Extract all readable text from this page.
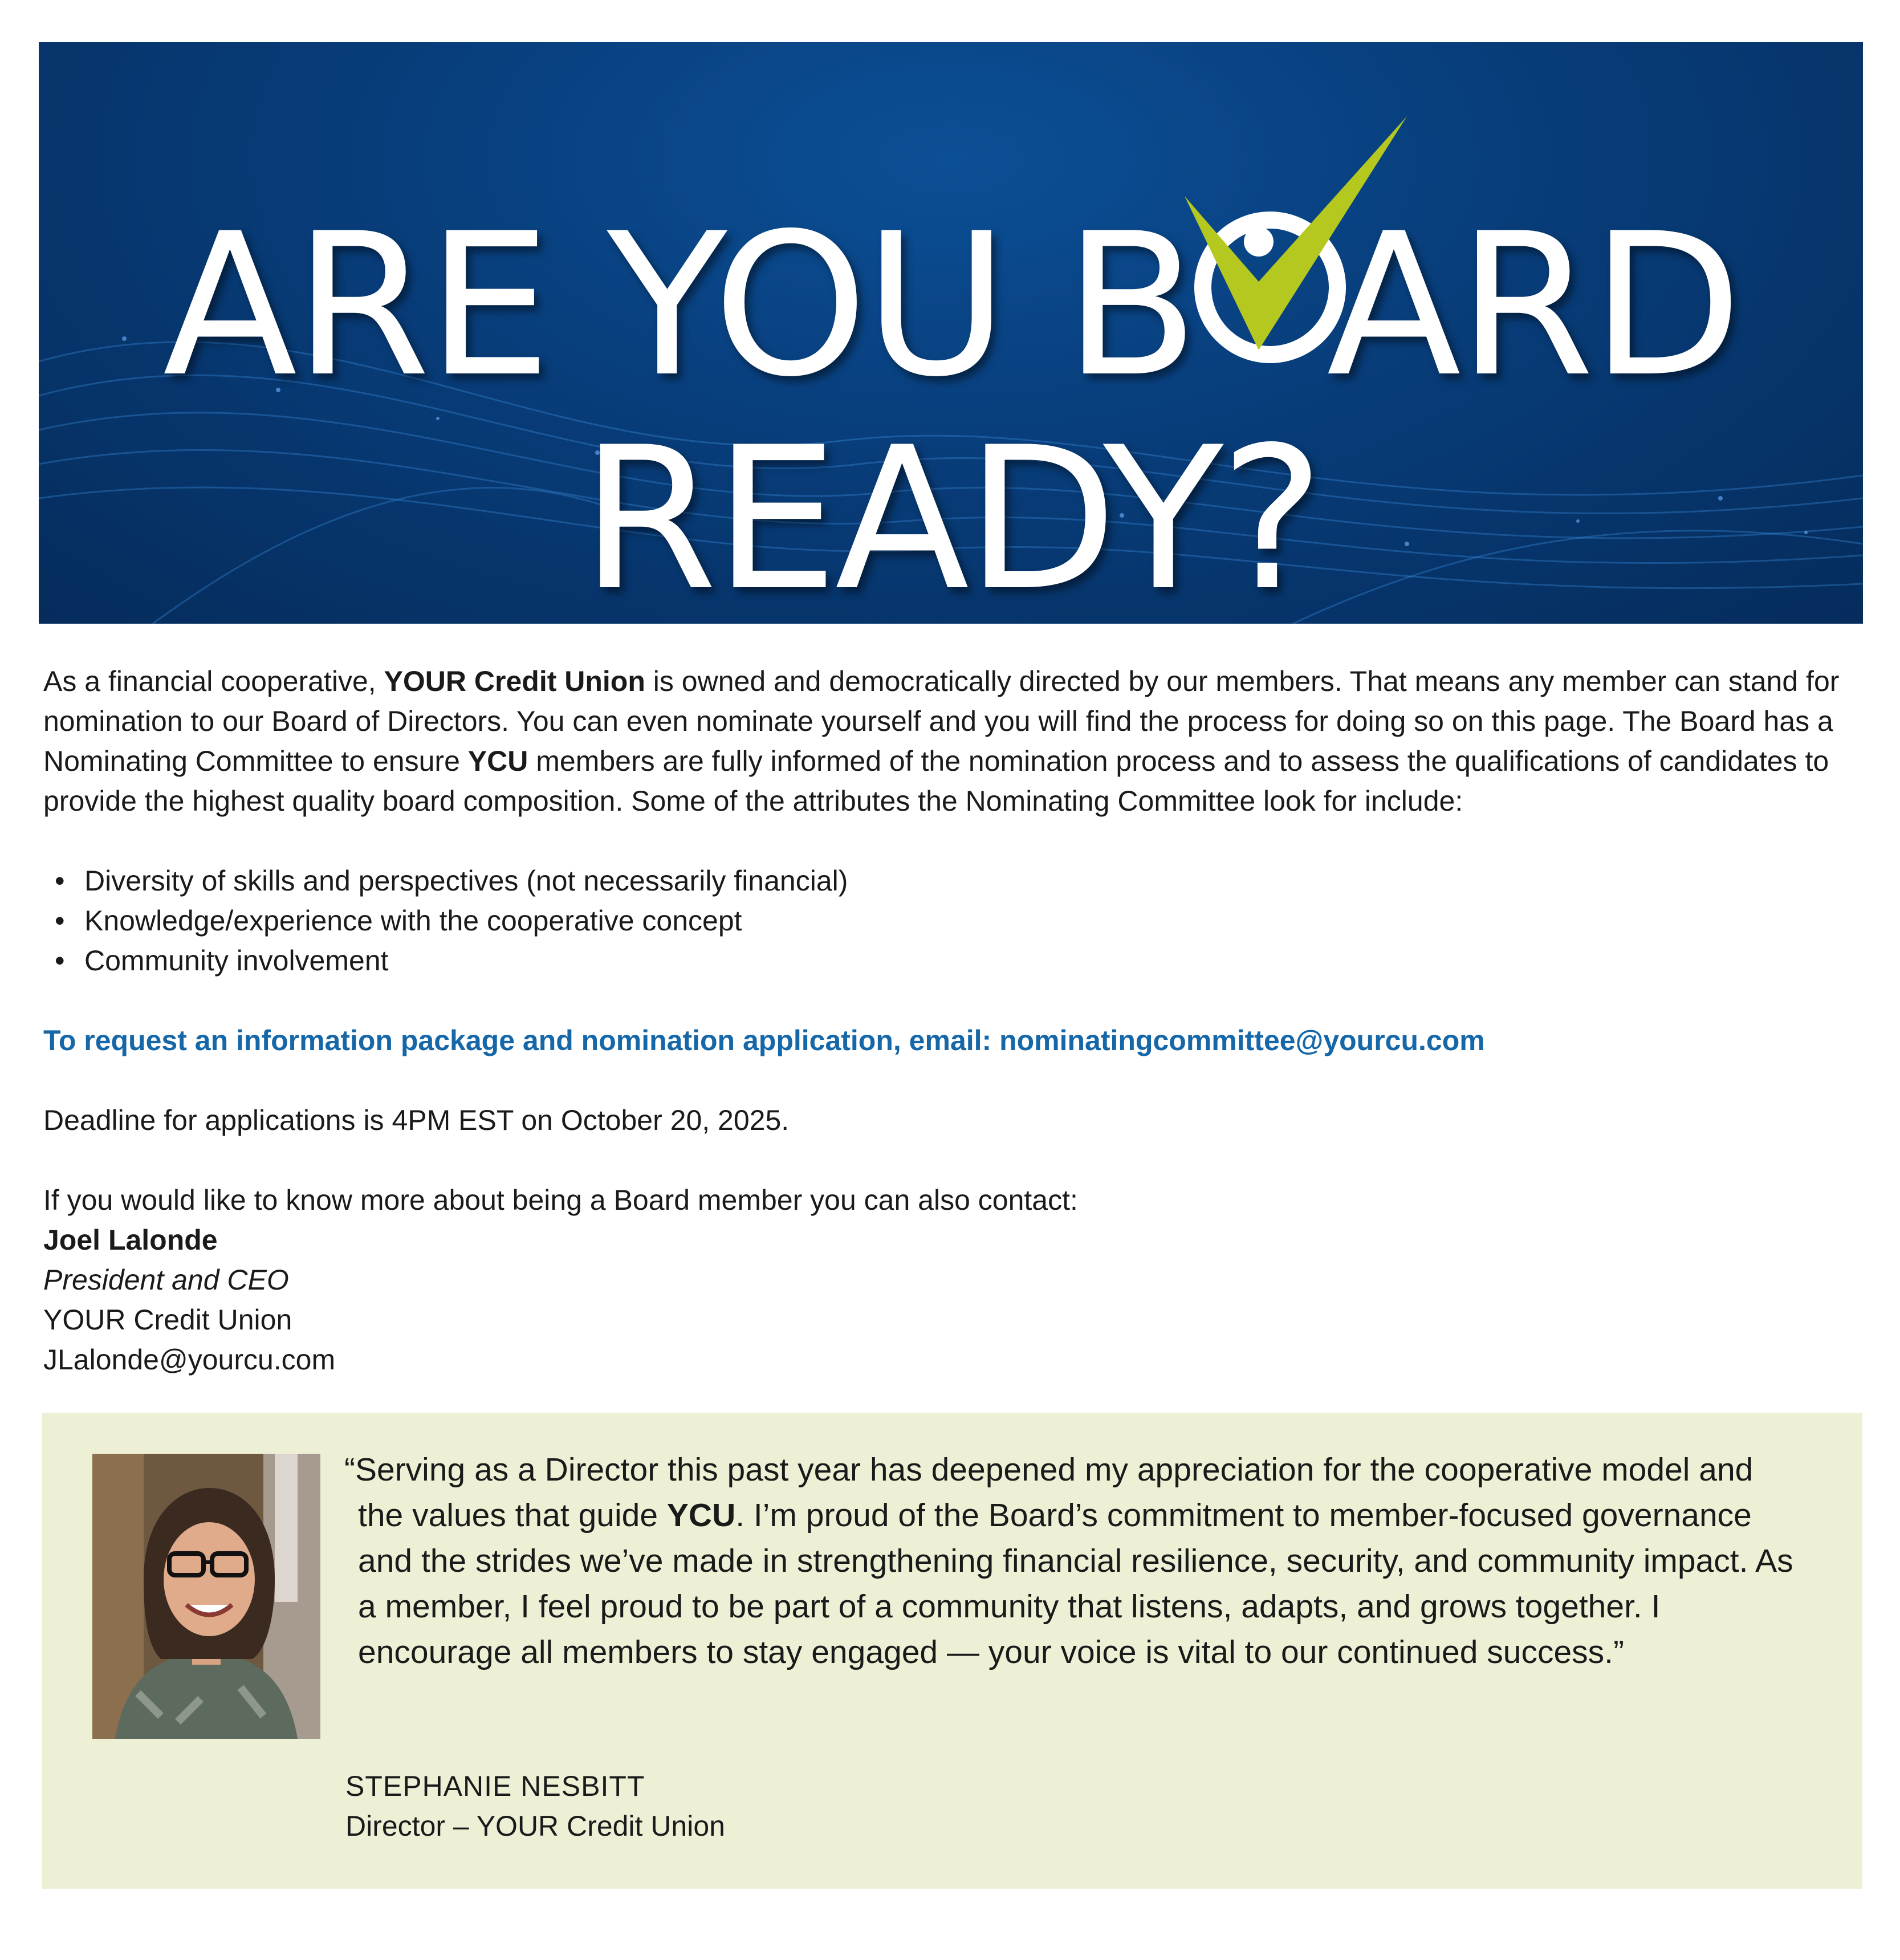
ARE YOU B ARD
READY?
As a financial cooperative, YOUR Credit Union is owned and democratically directed by our members. That means any member can stand for nomination to our Board of Directors. You can even nominate yourself and you will find the process for doing so on this page. The Board has a Nominating Committee to ensure YCU members are fully informed of the nomination process and to assess the qualifications of candidates to provide the highest quality board composition. Some of the attributes the Nominating Committee look for include:
• Diversity of skills and perspectives (not necessarily financial)
• Knowledge/experience with the cooperative concept
• Community involvement
To request an information package and nomination application, email: nominatingcommittee@yourcu.com
Deadline for applications is 4PM EST on October 20, 2025.
If you would like to know more about being a Board member you can also contact:
Joel Lalonde
President and CEO
YOUR Credit Union
JLalonde@yourcu.com
“Serving as a Director this past year has deepened my appreciation for the cooperative model and the values that guide YCU. I’m proud of the Board’s commitment to member-focused governance and the strides we’ve made in strengthening financial resilience, security, and community impact. As a member, I feel proud to be part of a community that listens, adapts, and grows together. I encourage all members to stay engaged — your voice is vital to our continued success.”
STEPHANIE NESBITT
Director – YOUR Credit Union
